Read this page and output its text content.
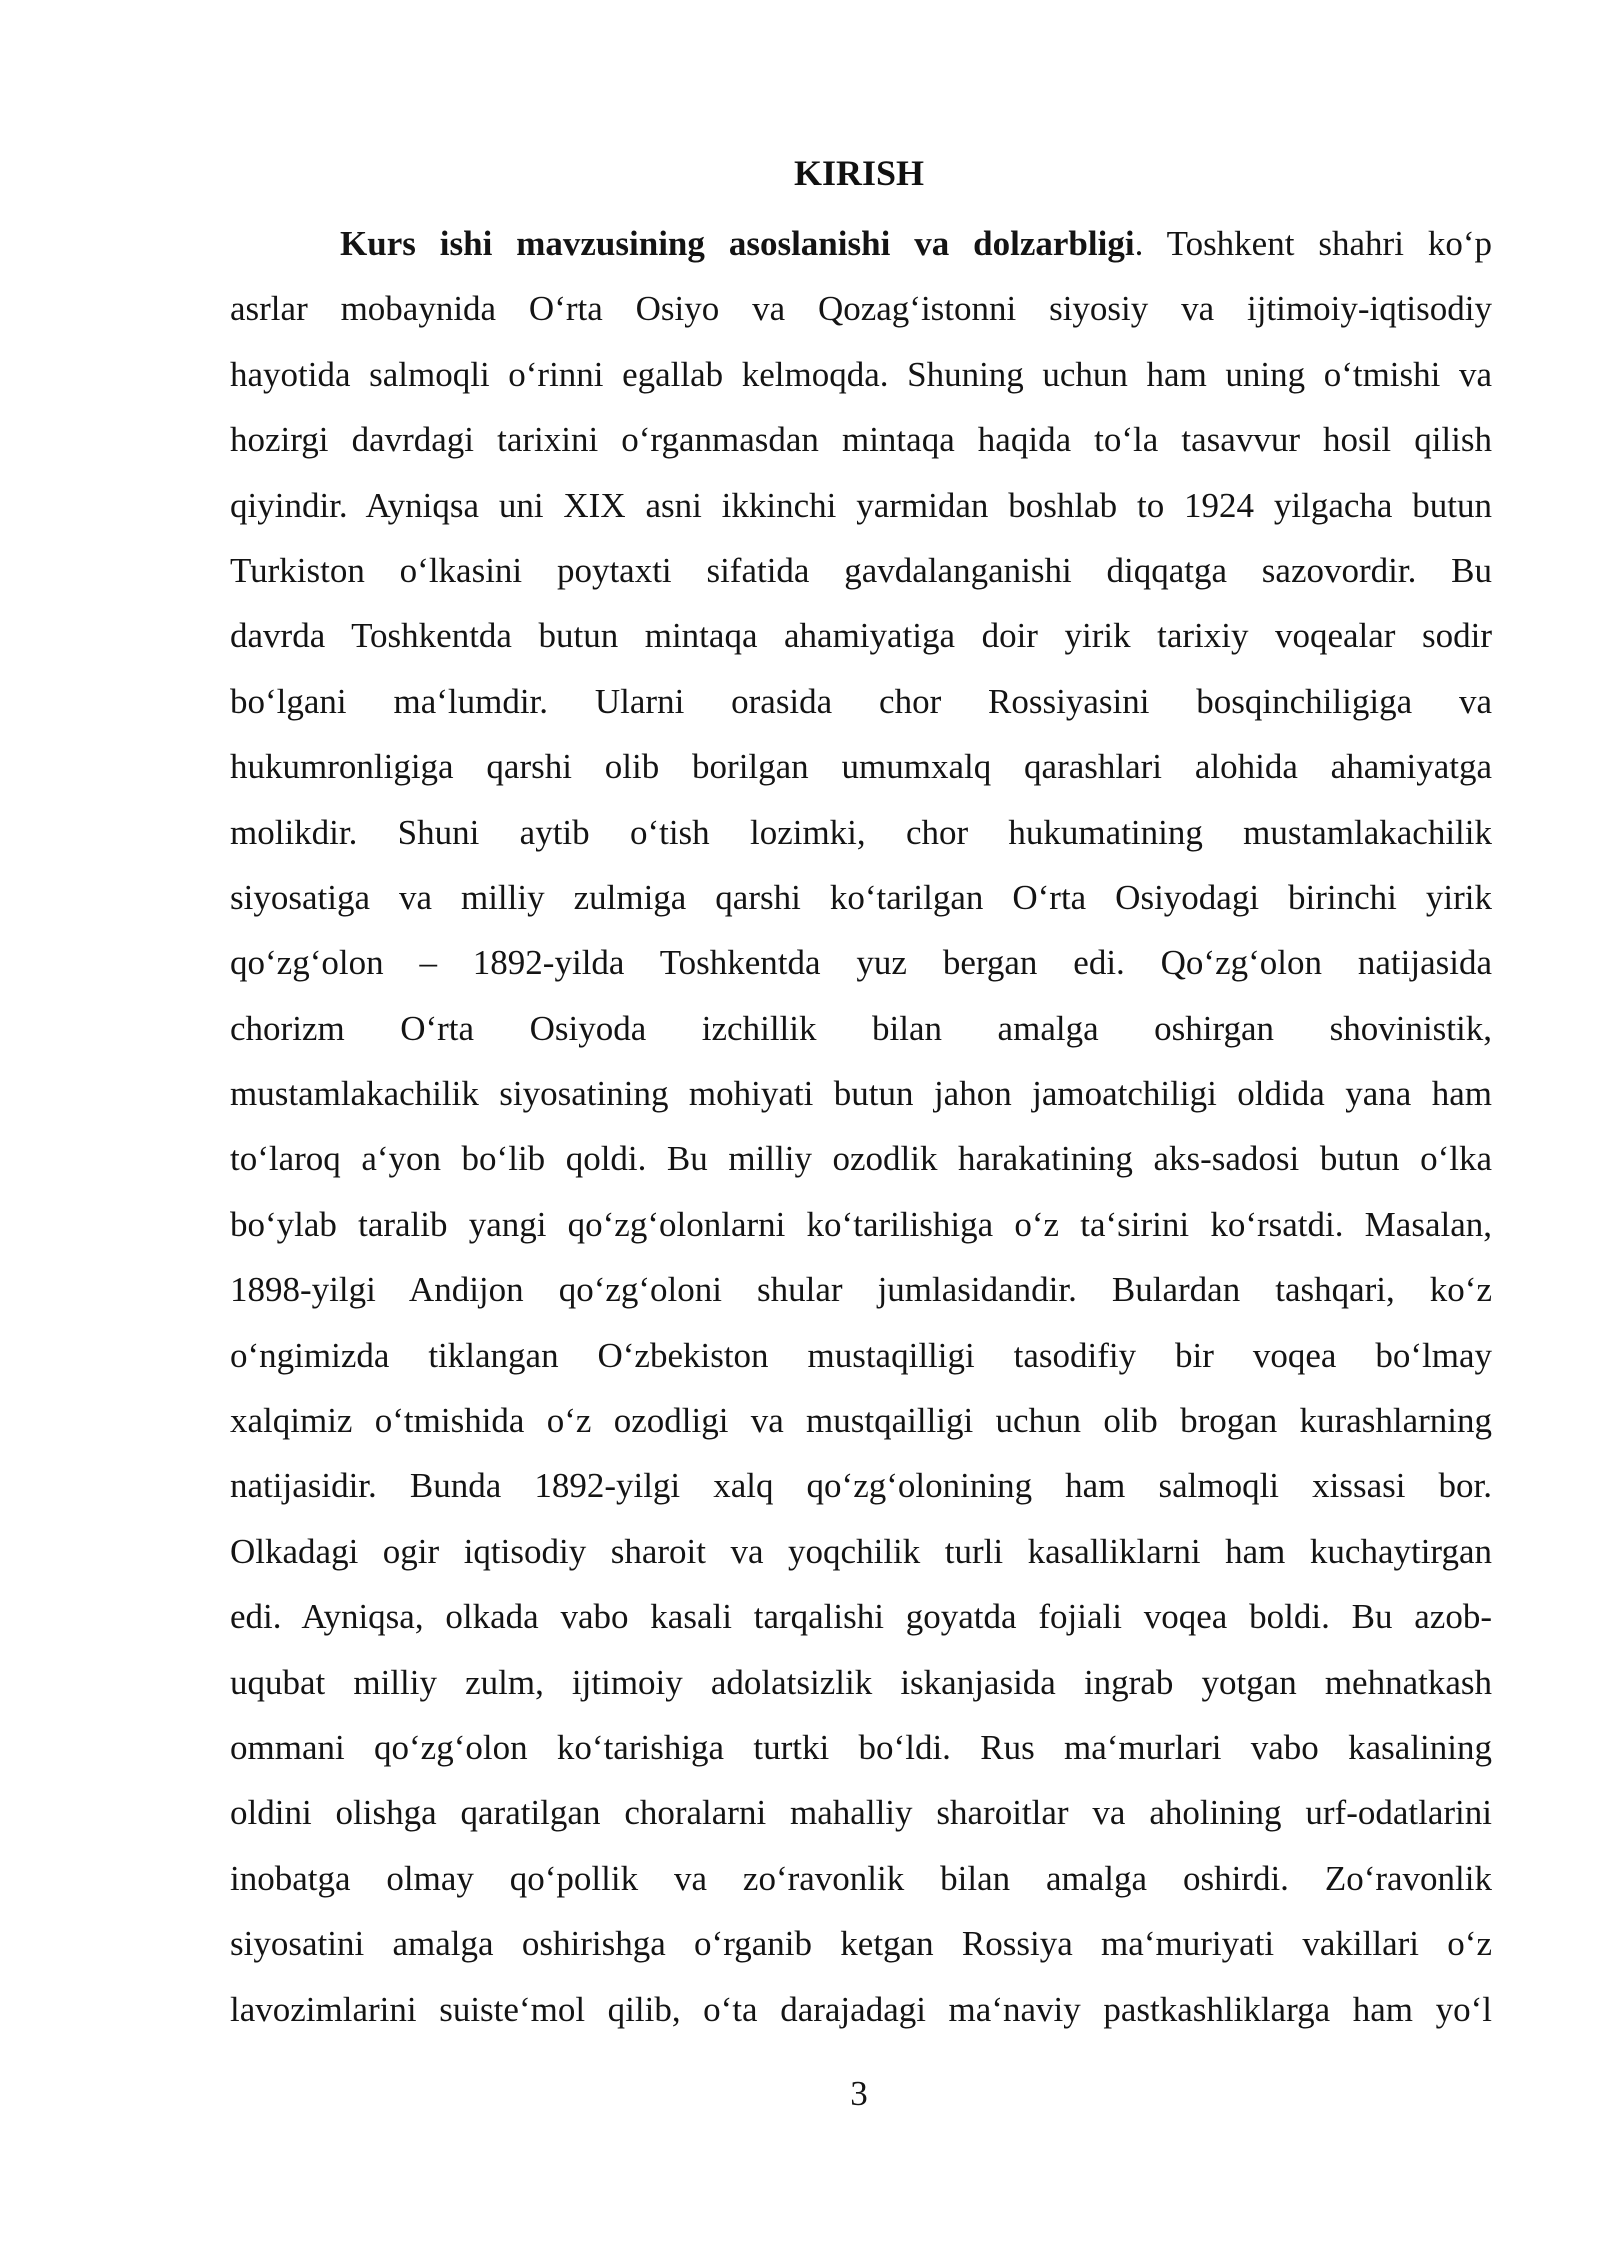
KIRISH
Kurs ishi mavzusining asoslanishi va dolzarbligi. Toshkent shahri ko‘p
asrlar mobaynida O‘rta Osiyo va Qozag‘istonni siyosiy va ijtimoiy-iqtisodiy
hayotida salmoqli o‘rinni egallab kelmoqda. Shuning uchun ham uning o‘tmishi va
hozirgi davrdagi tarixini o‘rganmasdan mintaqa haqida to‘la tasavvur hosil qilish
qiyindir. Ayniqsa uni XIX asni ikkinchi yarmidan boshlab to 1924 yilgacha butun
Turkiston o‘lkasini poytaxti sifatida gavdalanganishi diqqatga sazovordir. Bu
davrda Toshkentda butun mintaqa ahamiyatiga doir yirik tarixiy voqealar sodir
bo‘lgani ma‘lumdir. Ularni orasida chor Rossiyasini bosqinchiligiga va
hukumronligiga qarshi olib borilgan umumxalq qarashlari alohida ahamiyatga
molikdir. Shuni aytib o‘tish lozimki, chor hukumatining mustamlakachilik
siyosatiga va milliy zulmiga qarshi ko‘tarilgan O‘rta Osiyodagi birinchi yirik
qo‘zg‘olon – 1892-yilda Toshkentda yuz bergan edi. Qo‘zg‘olon natijasida
chorizm O‘rta Osiyoda izchillik bilan amalga oshirgan shovinistik,
mustamlakachilik siyosatining mohiyati butun jahon jamoatchiligi oldida yana ham
to‘laroq a‘yon bo‘lib qoldi. Bu milliy ozodlik harakatining aks-sadosi butun o‘lka
bo‘ylab taralib yangi qo‘zg‘olonlarni ko‘tarilishiga o‘z ta‘sirini ko‘rsatdi. Masalan,
1898-yilgi Andijon qo‘zg‘oloni shular jumlasidandir. Bulardan tashqari, ko‘z
o‘ngimizda tiklangan O‘zbekiston mustaqilligi tasodifiy bir voqea bo‘lmay
xalqimiz o‘tmishida o‘z ozodligi va mustqailligi uchun olib brogan kurashlarning
natijasidir. Bunda 1892-yilgi xalq qo‘zg‘olonining ham salmoqli xissasi bor.
Olkadagi ogir iqtisodiy sharoit va yoqchilik turli kasalliklarni ham kuchaytirgan
edi. Ayniqsa, olkada vabo kasali tarqalishi goyatda fojiali voqea boldi. Bu azob-
uqubat milliy zulm, ijtimoiy adolatsizlik iskanjasida ingrab yotgan mehnatkash
ommani qo‘zg‘olon ko‘tarishiga turtki bo‘ldi. Rus ma‘murlari vabo kasalining
oldini olishga qaratilgan choralarni mahalliy sharoitlar va aholining urf-odatlarini
inobatga olmay qo‘pollik va zo‘ravonlik bilan amalga oshirdi. Zo‘ravonlik
siyosatini amalga oshirishga o‘rganib ketgan Rossiya ma‘muriyati vakillari o‘z
lavozimlarini suiste‘mol qilib, o‘ta darajadagi ma‘naviy pastkashliklarga ham yo‘l
3
